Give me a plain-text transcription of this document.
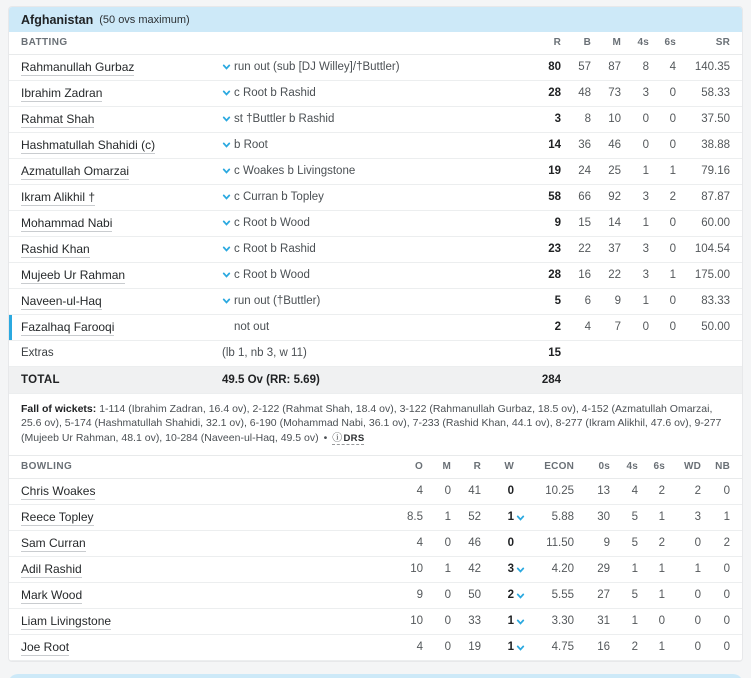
Afghanistan (50 ovs maximum)
BATTING		R	B	M	4s	6s	SR
Rahmanullah Gurbaz	run out (sub [DJ Willey]/†Buttler)	80	57	87	8	4	140.35
Ibrahim Zadran	c Root b Rashid	28	48	73	3	0	58.33
Rahmat Shah	st †Buttler b Rashid	3	8	10	0	0	37.50
Hashmatullah Shahidi (c)	b Root	14	36	46	0	0	38.88
Azmatullah Omarzai	c Woakes b Livingstone	19	24	25	1	1	79.16
Ikram Alikhil †	c Curran b Topley	58	66	92	3	2	87.87
Mohammad Nabi	c Root b Wood	9	15	14	1	0	60.00
Rashid Khan	c Root b Rashid	23	22	37	3	0	104.54
Mujeeb Ur Rahman	c Root b Wood	28	16	22	3	1	175.00
Naveen-ul-Haq	run out (†Buttler)	5	6	9	1	0	83.33
Fazalhaq Farooqi	not out	2	4	7	0	0	50.00
Extras	(lb 1, nb 3, w 11)	15					
TOTAL	49.5 Ov (RR: 5.69)	284					
Fall of wickets: 1-114 (Ibrahim Zadran, 16.4 ov), 2-122 (Rahmat Shah, 18.4 ov), 3-122 (Rahmanullah Gurbaz, 18.5 ov), 4-152 (Azmatullah Omarzai, 25.6 ov), 5-174 (Hashmatullah Shahidi, 32.1 ov), 6-190 (Mohammad Nabi, 36.1 ov), 7-233 (Rashid Khan, 44.1 ov), 8-277 (Ikram Alikhil, 47.6 ov), 9-277 (Mujeeb Ur Rahman, 48.1 ov), 10-284 (Naveen-ul-Haq, 49.5 ov) • ⓘDRS
BOWLING	O	M	R	W		ECON	0s	4s	6s	WD	NB
Chris Woakes	4	0	41	0		10.25	13	4	2	2	0
Reece Topley	8.5	1	52	1		5.88	30	5	1	3	1
Sam Curran	4	0	46	0		11.50	9	5	2	0	2
Adil Rashid	10	1	42	3		4.20	29	1	1	1	0
Mark Wood	9	0	50	2		5.55	27	5	1	0	0
Liam Livingstone	10	0	33	1		3.30	31	1	0	0	0
Joe Root	4	0	19	1		4.75	16	2	1	0	0
